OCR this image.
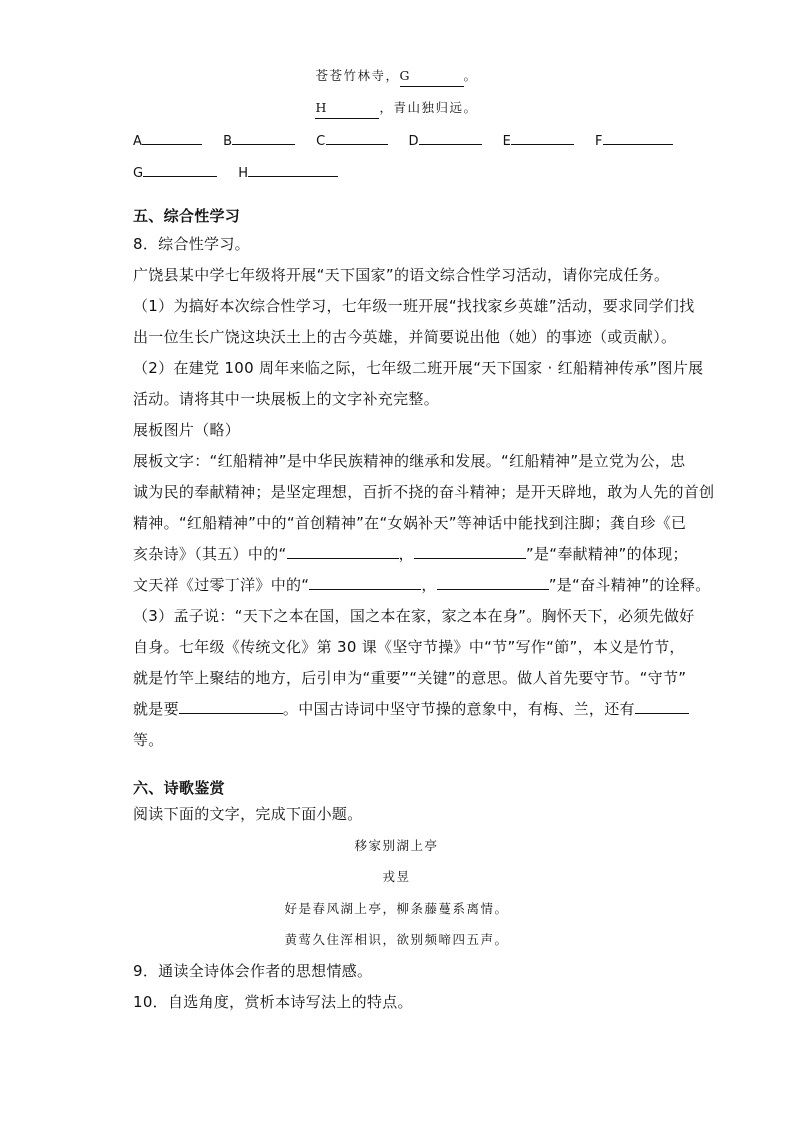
苍苍竹林寺，G	。
H	，青山独归远。
A	B	C	D	E	F
G	H
五、综合性学习
8．综合性学习。
广饶县某中学七年级将开展“天下国家”的语文综合性学习活动，请你完成任务。
（1）为搞好本次综合性学习，七年级一班开展“找找家乡英雄”活动，要求同学们找
出一位生长广饶这块沃土上的古今英雄，并简要说出他（她）的事迹（或贡献）。
（2）在建党 100 周年来临之际，七年级二班开展“天下国家 · 红船精神传承”图片展
活动。请将其中一块展板上的文字补充完整。
展板图片（略）
展板文字：“红船精神”是中华民族精神的继承和发展。“红船精神”是立党为公，忠
诚为民的奉献精神；是坚定理想，百折不挠的奋斗精神；是开天辟地，敢为人先的首创
精神。“红船精神”中的“首创精神”在“女娲补天”等神话中能找到注脚；龚自珍《已
亥杂诗》（其五）中的“	，	”是“奉献精神”的体现；
文天祥《过零丁洋》中的“	，	”是“奋斗精神”的诠释。
（3）孟子说：“天下之本在国，国之本在家，家之本在身”。胸怀天下，必须先做好
自身。七年级《传统文化》第 30 课《坚守节操》中“节”写作“節”，本义是竹节，
就是竹竿上聚结的地方，后引申为“重要”“关键”的意思。做人首先要守节。“守节”
就是要	。中国古诗词中坚守节操的意象中，有梅、兰，还有
等。
六、诗歌鉴赏
阅读下面的文字，完成下面小题。
移家别湖上亭
戎昱
好是春风湖上亭，柳条藤蔓系离情。
黄莺久住浑相识，欲别频啼四五声。
9．通读全诗体会作者的思想情感。
10．自选角度，赏析本诗写法上的特点。
